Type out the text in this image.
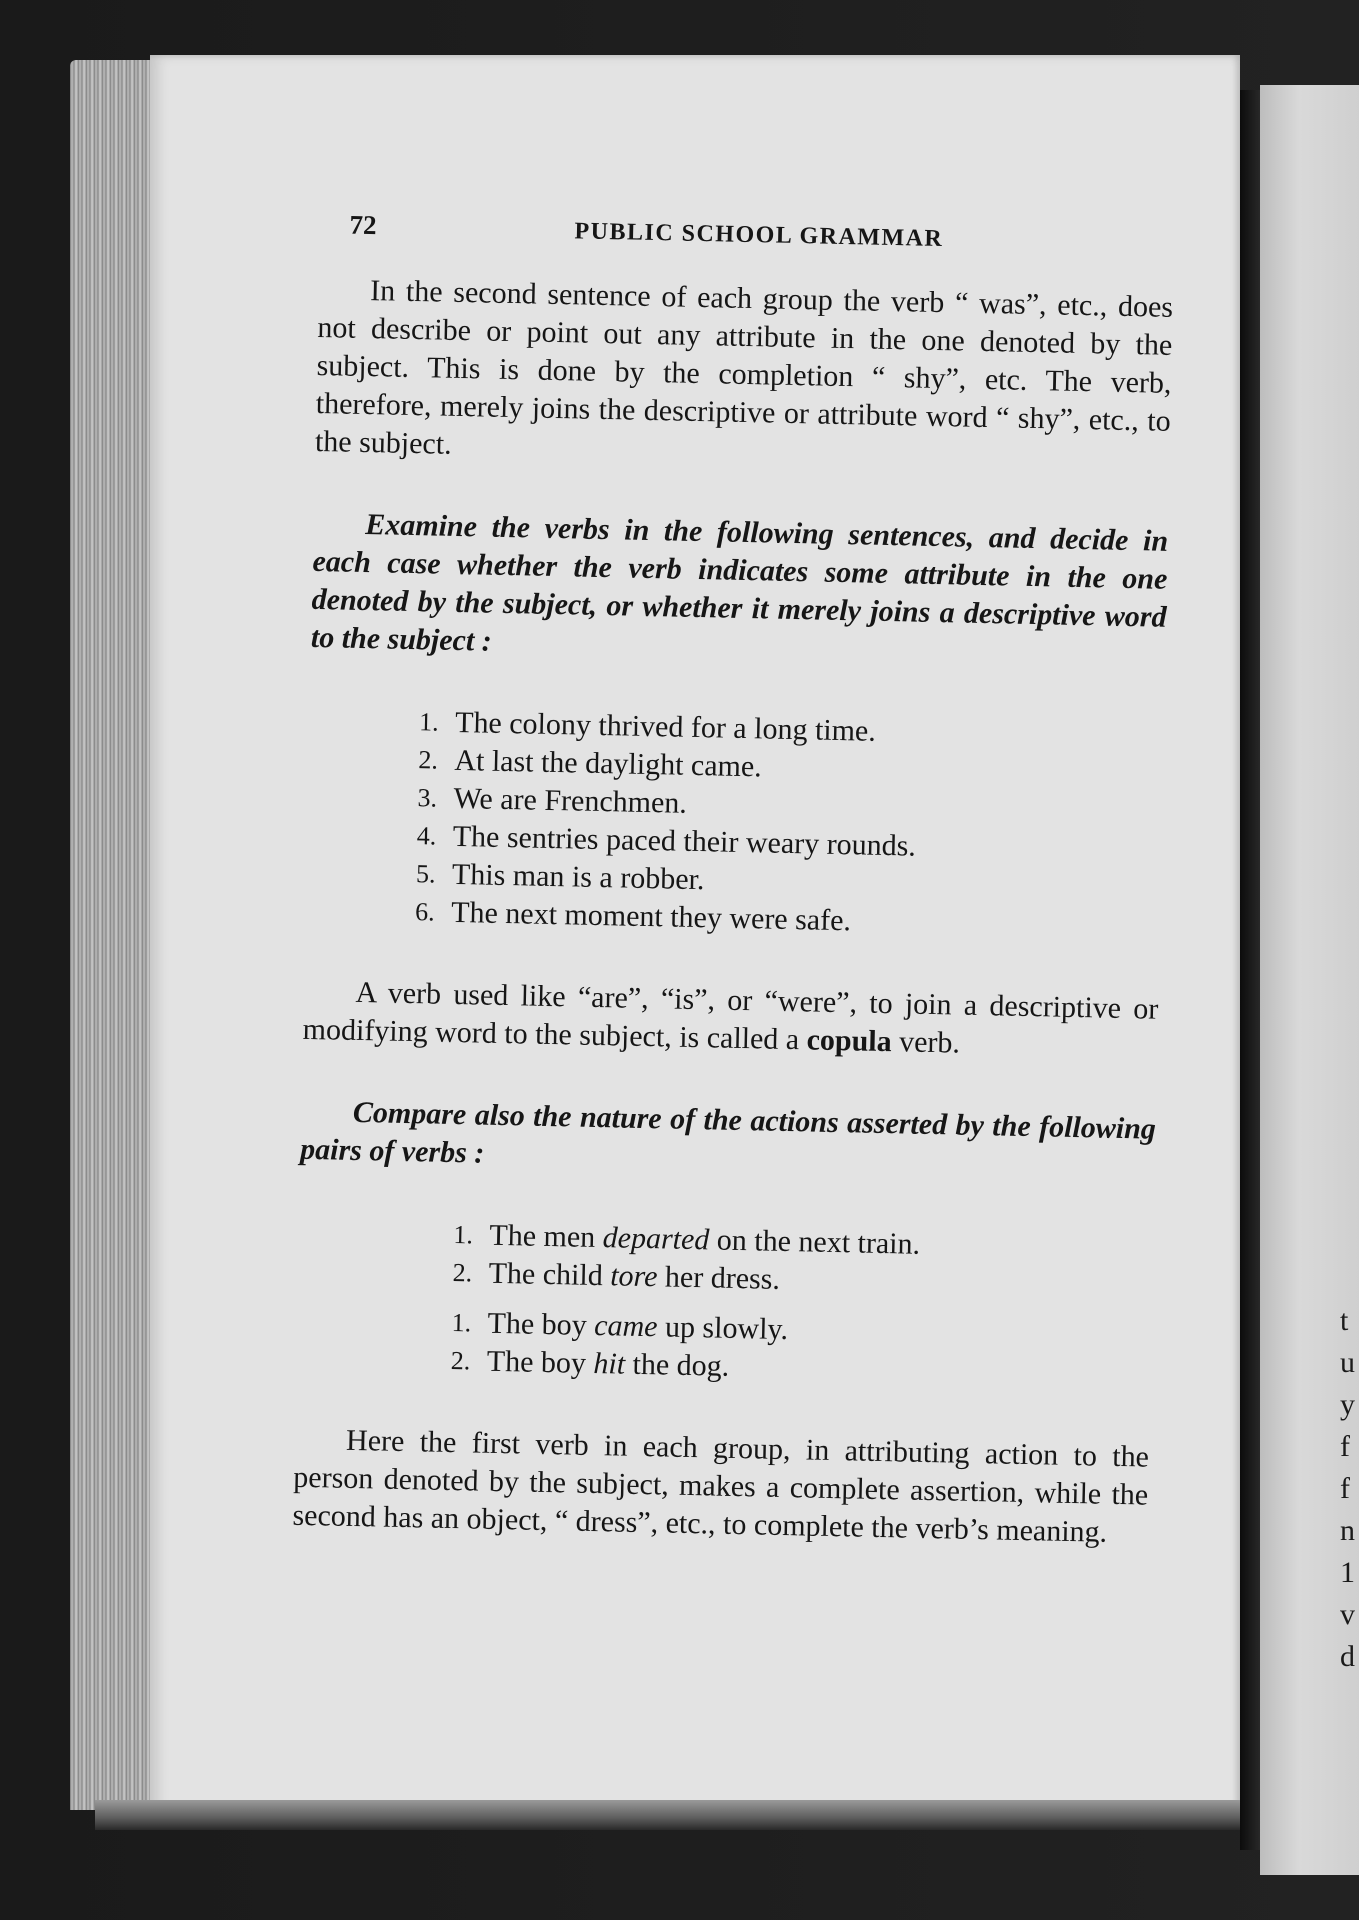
t
u
y
f
f
n
1
v
d
72	PUBLIC SCHOOL GRAMMAR

In the second sentence of each group the verb “ was”, etc., does not describe or point out any attribute in the one denoted by the subject. This is done by the completion “ shy”, etc. The verb, therefore, merely joins the descriptive or attribute word “ shy”, etc., to the subject.

Examine the verbs in the following sentences, and decide in each case whether the verb indicates some attribute in the one denoted by the subject, or whether it merely joins a descriptive word to the subject :

1. The colony thrived for a long time.
2. At last the daylight came.
3. We are Frenchmen.
4. The sentries paced their weary rounds.
5. This man is a robber.
6. The next moment they were safe.

A verb used like “are”, “is”, or “were”, to join a descriptive or modifying word to the subject, is called a copula verb.

Compare also the nature of the actions asserted by the following pairs of verbs :

1. The men departed on the next train.
2. The child tore her dress.
1. The boy came up slowly.
2. The boy hit the dog.

Here the first verb in each group, in attributing action to the person denoted by the subject, makes a complete assertion, while the second has an object, “ dress”, etc., to complete the verb’s meaning.
